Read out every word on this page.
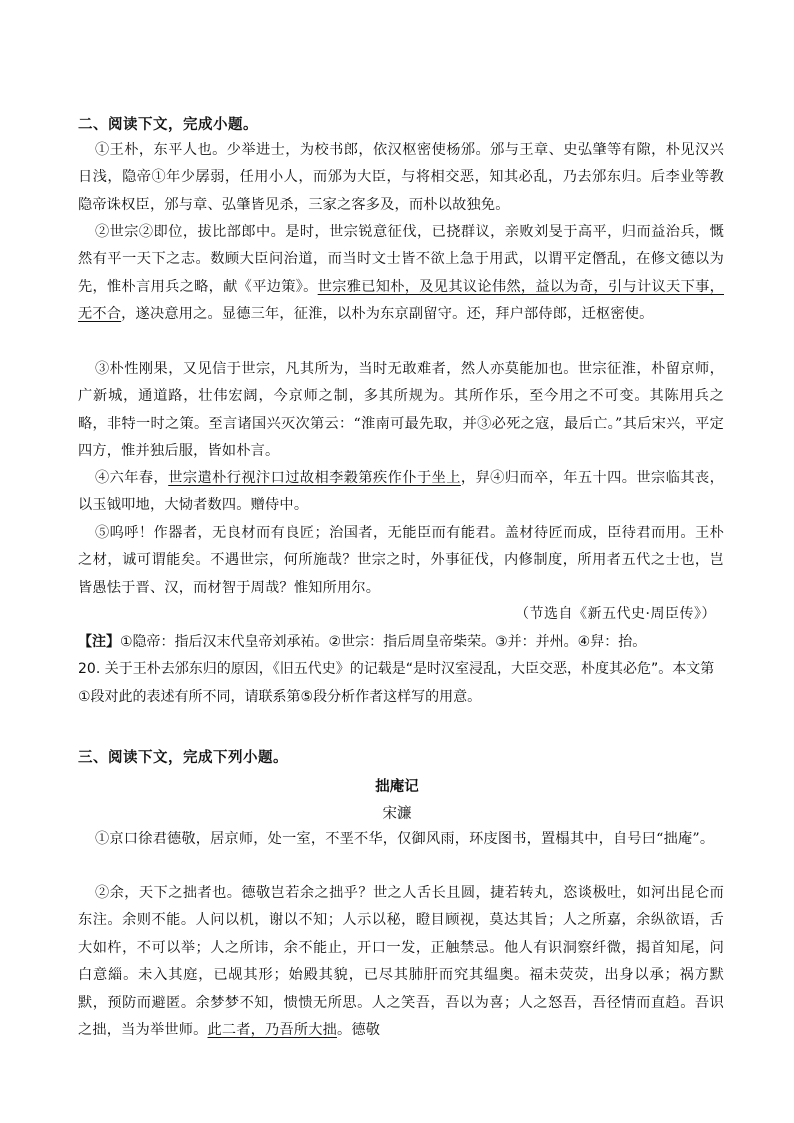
二、阅读下文，完成小题。
①王朴，东平人也。少举进士，为校书郎，依汉枢密使杨邠。邠与王章、史弘肇等有隙，朴见汉兴日浅，隐帝①年少孱弱，任用小人，而邠为大臣，与将相交恶，知其必乱，乃去邠东归。后李业等教隐帝诛权臣，邠与章、弘肇皆见杀，三家之客多及，而朴以故独免。
②世宗②即位，拔比部郎中。是时，世宗锐意征伐，已挠群议，亲败刘旻于高平，归而益治兵，慨然有平一天下之志。数顾大臣问治道，而当时文士皆不欲上急于用武，以谓平定僭乱，在修文德以为先，惟朴言用兵之略，献《平边策》。世宗雅已知朴，及见其议论伟然，益以为奇，引与计议天下事，无不合，遂决意用之。显德三年，征淮，以朴为东京副留守。还，拜户部侍郎，迁枢密使。
③朴性刚果，又见信于世宗，凡其所为，当时无敢难者，然人亦莫能加也。世宗征淮，朴留京师，广新城，通道路，壮伟宏阔，今京师之制，多其所规为。其所作乐，至今用之不可变。其陈用兵之略，非特一时之策。至言诸国兴灭次第云：“淮南可最先取，并③必死之寇，最后亡。”其后宋兴，平定四方，惟并独后服，皆如朴言。
④六年春，世宗遣朴行视汴口过故相李穀第疾作仆于坐上，舁④归而卒，年五十四。世宗临其丧，以玉钺叩地，大恸者数四。赠侍中。
⑤呜呼！作器者，无良材而有良匠；治国者，无能臣而有能君。盖材待匠而成，臣待君而用。王朴之材，诚可谓能矣。不遇世宗，何所施哉？世宗之时，外事征伐，内修制度，所用者五代之士也，岂皆愚怯于晋、汉，而材智于周哉？惟知所用尔。
（节选自《新五代史·周臣传》）
【注】①隐帝：指后汉末代皇帝刘承祐。②世宗：指后周皇帝柴荣。③并：并州。④舁：抬。
20. 关于王朴去邠东归的原因，《旧五代史》的记载是“是时汉室浸乱，大臣交恶，朴度其必危”。本文第①段对此的表述有所不同，请联系第⑤段分析作者这样写的用意。
三、阅读下文，完成下列小题。
拙庵记
宋濂
①京口徐君德敬，居京师，处一室，不垩不华，仅御风雨，环庋图书，置榻其中，自号曰“拙庵”。
②余，天下之拙者也。德敬岂若余之拙乎？世之人舌长且圆，捷若转丸，恣谈极吐，如河出昆仑而东注。余则不能。人问以机，谢以不知；人示以秘，瞪目顾视，莫达其旨；人之所嘉，余纵欲语，舌大如杵，不可以举；人之所讳，余不能止，开口一发，正触禁忌。他人有识洞察纤微，揭首知尾，问白意緇。未入其庭，已觇其形；始殿其貌，已尽其肺肝而究其缊奥。福未荧荧，出身以承；祸方默默，预防而避匿。余梦梦不知，愦愦无所思。人之笑吾，吾以为喜；人之怒吾，吾径情而直趋。吾识之拙，当为举世师。此二者，乃吾所大拙。德敬
